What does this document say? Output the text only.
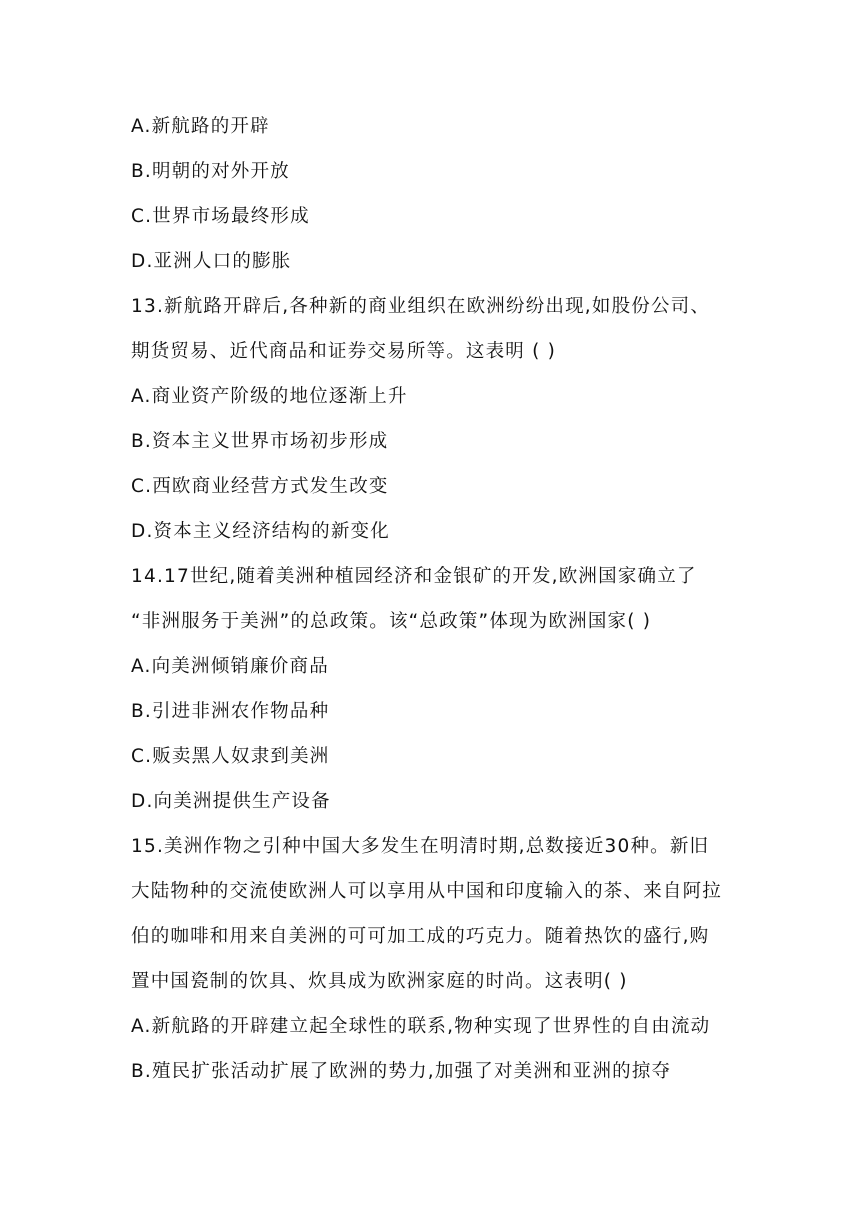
A.新航路的开辟
B.明朝的对外开放
C.世界市场最终形成
D.亚洲人口的膨胀
13.新航路开辟后,各种新的商业组织在欧洲纷纷出现,如股份公司、
期货贸易、近代商品和证券交易所等。这表明 ( )
A.商业资产阶级的地位逐渐上升
B.资本主义世界市场初步形成
C.西欧商业经营方式发生改变
D.资本主义经济结构的新变化
14.17世纪,随着美洲种植园经济和金银矿的开发,欧洲国家确立了
“非洲服务于美洲”的总政策。该“总政策”体现为欧洲国家( )
A.向美洲倾销廉价商品
B.引进非洲农作物品种
C.贩卖黑人奴隶到美洲
D.向美洲提供生产设备
15.美洲作物之引种中国大多发生在明清时期,总数接近30种。新旧
大陆物种的交流使欧洲人可以享用从中国和印度输入的茶、来自阿拉
伯的咖啡和用来自美洲的可可加工成的巧克力。随着热饮的盛行,购
置中国瓷制的饮具、炊具成为欧洲家庭的时尚。这表明( )
A.新航路的开辟建立起全球性的联系,物种实现了世界性的自由流动
B.殖民扩张活动扩展了欧洲的势力,加强了对美洲和亚洲的掠夺
